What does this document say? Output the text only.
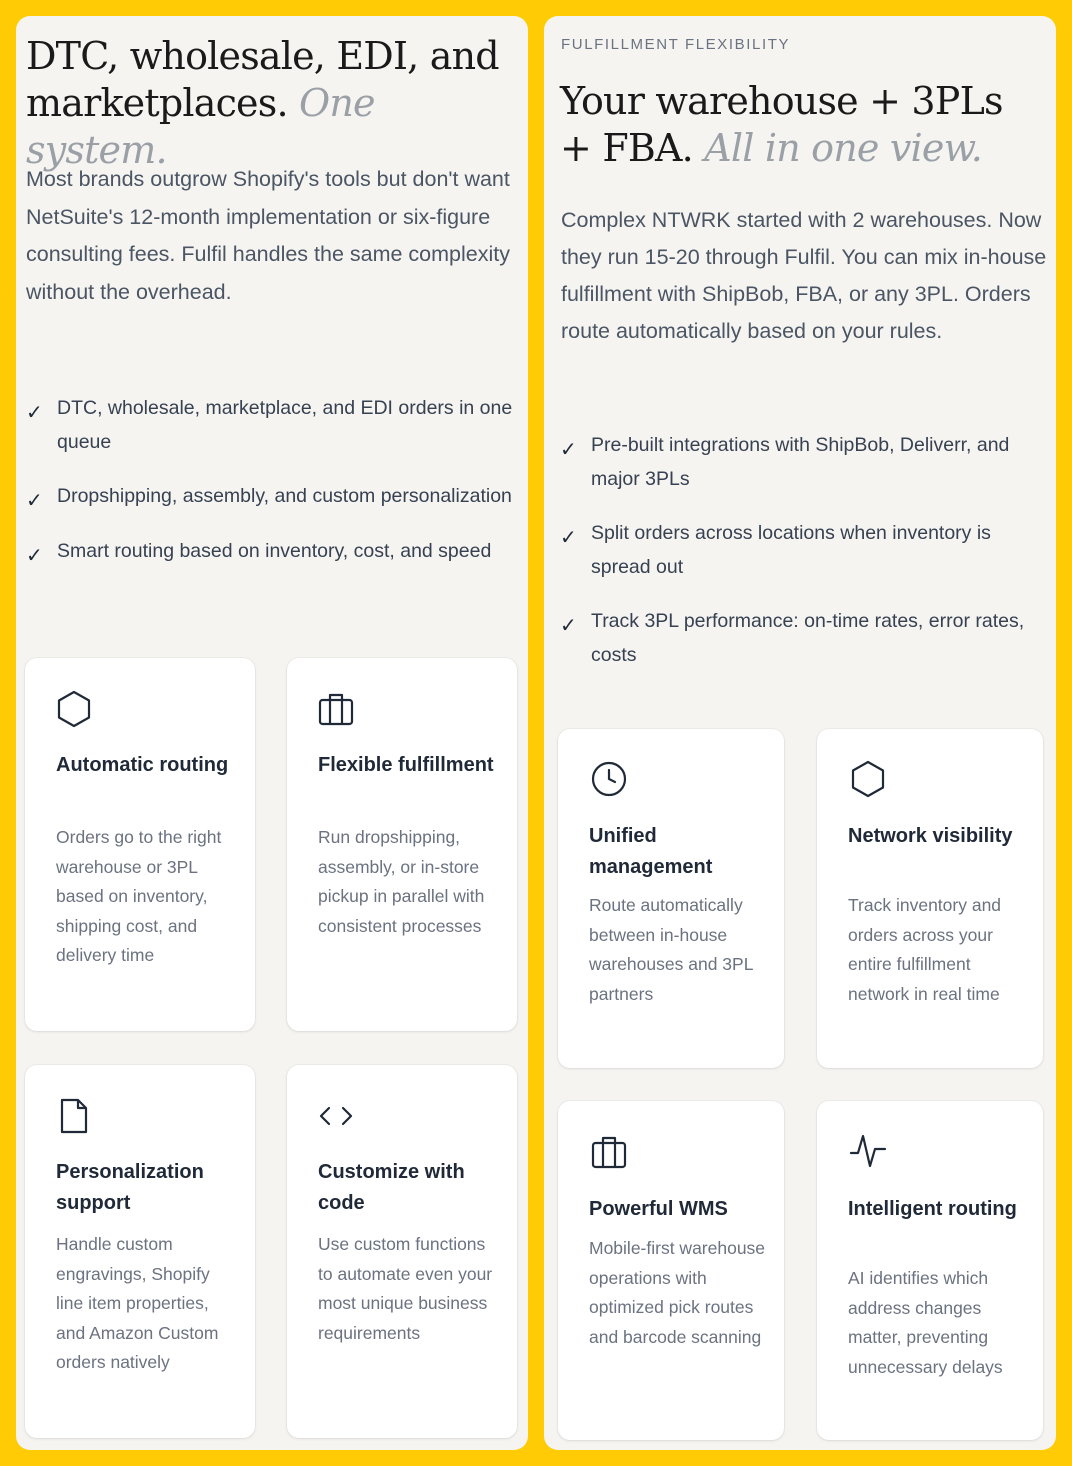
DTC, wholesale, EDI, and marketplaces. One system.

Most brands outgrow Shopify's tools but don't want NetSuite's 12-month implementation or six-figure consulting fees. Fulfil handles the same complexity without the overhead.

✓ DTC, wholesale, marketplace, and EDI orders in one queue
✓ Dropshipping, assembly, and custom personalization
✓ Smart routing based on inventory, cost, and speed
Automatic routing

Orders go to the right warehouse or 3PL based on inventory, shipping cost, and delivery time

Flexible fulfillment

Run dropshipping, assembly, or in-store pickup in parallel with consistent processes

Personalization support

Handle custom engravings, Shopify line item properties, and Amazon Custom orders natively

Customize with code

Use custom functions to automate even your most unique business requirements

FULFILLMENT FLEXIBILITY
Your warehouse + 3PLs + FBA. All in one view.

Complex NTWRK started with 2 warehouses. Now they run 15-20 through Fulfil. You can mix in-house fulfillment with ShipBob, FBA, or any 3PL. Orders route automatically based on your rules.

✓ Pre-built integrations with ShipBob, Deliverr, and major 3PLs
✓ Split orders across locations when inventory is spread out
✓ Track 3PL performance: on-time rates, error rates, costs
Unified management

Route automatically between in-house warehouses and 3PL partners

Network visibility

Track inventory and orders across your entire fulfillment network in real time

Powerful WMS

Mobile-first warehouse operations with optimized pick routes and barcode scanning

Intelligent routing

AI identifies which address changes matter, preventing unnecessary delays
